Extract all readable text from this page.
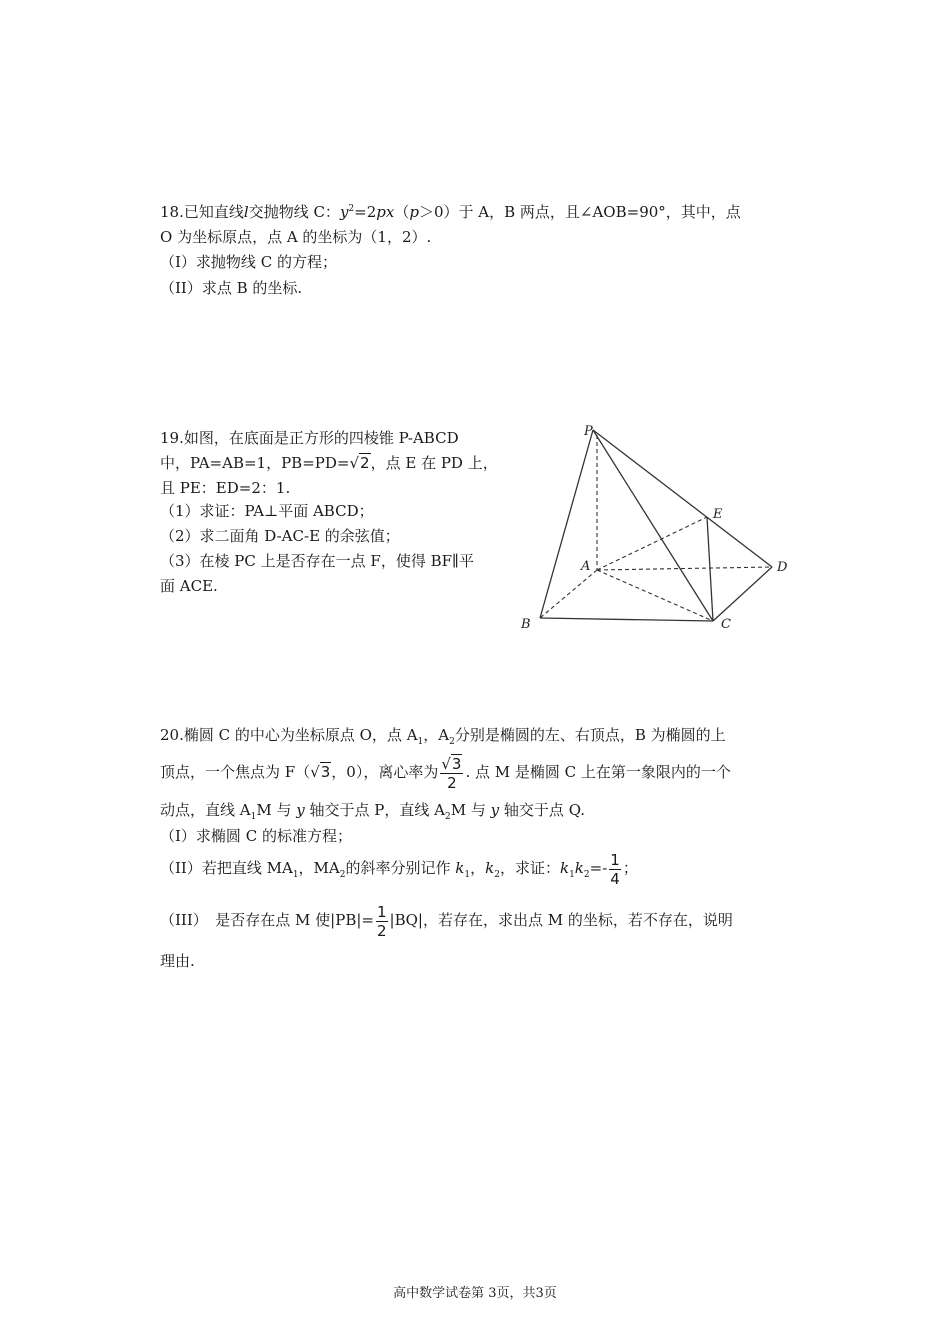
18.已知直线l交抛物线 C：$y^2=2px(p>0)$于 A，B 两点，且∠AOB=90°，其中，点
O 为坐标原点，点 A 的坐标为（1，2）.
（I）求抛物线 C 的方程；
（II）求点 B 的坐标.
19.如图，在底面是正方形的四棱锥 P-ABCD
中，PA=AB=1，PB=PD=√2，点 E 在 PD 上，
且 PE：ED=2：1.
（1）求证：PA⊥平面 ABCD；
（2）求二面角 D-AC-E 的余弦值；
（3）在棱 PC 上是否存在一点 F，使得 BF∥平
面 ACE.
P
A
B	C
D
E
20.椭圆 C 的中心为坐标原点 O，点 $A_1$，$A_2$分别是椭圆的左、右顶点，B 为椭圆的上
顶点，一个焦点为 F（√3，0），离心率为 $\frac{√3}{2}$ . 点 M 是椭圆 C 上在第一象限内的一个
动点，直线 $A_1M$ 与 y 轴交于点 P，直线 $A_2M$ 与 y 轴交于点 Q.
（I）求椭圆 C 的标准方程；
（II）若把直线 $MA_1$，$MA_2$的斜率分别记作 $k_1$，$k_2$，求证：$k_1k_2=- \frac{1}{4}$ ；
（III）　是否存在点 M 使$|PB|= \frac{1}{2} |BQ|$，若存在，求出点 M 的坐标，若不存在，说明
理由.
高中数学试卷第 3页，共3页
